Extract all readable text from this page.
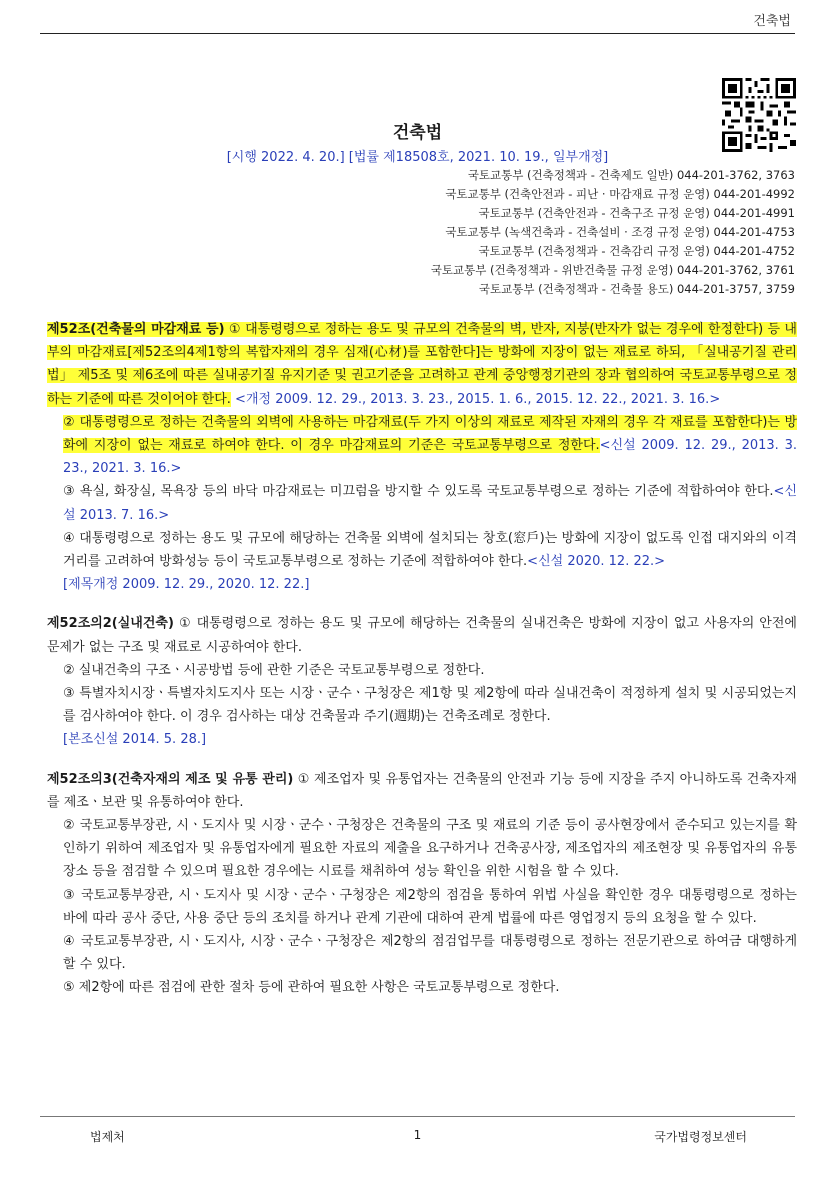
건축법
건축법
[시행 2022. 4. 20.] [법률 제18508호, 2021. 10. 19., 일부개정]
국토교통부 (건축정책과 - 건축제도 일반) 044-201-3762, 3763
국토교통부 (건축안전과 - 피난 · 마감재료 규정 운영) 044-201-4992
국토교통부 (건축안전과 - 건축구조 규정 운영) 044-201-4991
국토교통부 (녹색건축과 - 건축설비 · 조경 규정 운영) 044-201-4753
국토교통부 (건축정책과 - 건축감리 규정 운영) 044-201-4752
국토교통부 (건축정책과 - 위반건축물 규정 운영) 044-201-3762, 3761
국토교통부 (건축정책과 - 건축물 용도) 044-201-3757, 3759

제52조(건축물의 마감재료 등) ① 대통령령으로 정하는 용도 및 규모의 건축물의 벽, 반자, 지붕(반자가 없는 경우에 한정한다) 등 내부의 마감재료[제52조의4제1항의 복합자재의 경우 심재(心材)를 포함한다]는 방화에 지장이 없는 재료로 하되, 「실내공기질 관리법」 제5조 및 제6조에 따른 실내공기질 유지기준 및 권고기준을 고려하고 관계 중앙행정기관의 장과 협의하여 국토교통부령으로 정하는 기준에 따른 것이어야 한다. <개정 2009. 12. 29., 2013. 3. 23., 2015. 1. 6., 2015. 12. 22., 2021. 3. 16.>

② 대통령령으로 정하는 건축물의 외벽에 사용하는 마감재료(두 가지 이상의 재료로 제작된 자재의 경우 각 재료를 포함한다)는 방화에 지장이 없는 재료로 하여야 한다. 이 경우 마감재료의 기준은 국토교통부령으로 정한다.<신설 2009. 12. 29., 2013. 3. 23., 2021. 3. 16.>

③ 욕실, 화장실, 목욕장 등의 바닥 마감재료는 미끄럼을 방지할 수 있도록 국토교통부령으로 정하는 기준에 적합하여야 한다.<신설 2013. 7. 16.>

④ 대통령령으로 정하는 용도 및 규모에 해당하는 건축물 외벽에 설치되는 창호(窓戶)는 방화에 지장이 없도록 인접 대지와의 이격거리를 고려하여 방화성능 등이 국토교통부령으로 정하는 기준에 적합하여야 한다.<신설 2020. 12. 22.>

[제목개정 2009. 12. 29., 2020. 12. 22.]

제52조의2(실내건축) ① 대통령령으로 정하는 용도 및 규모에 해당하는 건축물의 실내건축은 방화에 지장이 없고 사용자의 안전에 문제가 없는 구조 및 재료로 시공하여야 한다.

② 실내건축의 구조ㆍ시공방법 등에 관한 기준은 국토교통부령으로 정한다.

③ 특별자치시장ㆍ특별자치도지사 또는 시장ㆍ군수ㆍ구청장은 제1항 및 제2항에 따라 실내건축이 적정하게 설치 및 시공되었는지를 검사하여야 한다. 이 경우 검사하는 대상 건축물과 주기(週期)는 건축조례로 정한다.

[본조신설 2014. 5. 28.]

제52조의3(건축자재의 제조 및 유통 관리) ① 제조업자 및 유통업자는 건축물의 안전과 기능 등에 지장을 주지 아니하도록 건축자재를 제조ㆍ보관 및 유통하여야 한다.

② 국토교통부장관, 시ㆍ도지사 및 시장ㆍ군수ㆍ구청장은 건축물의 구조 및 재료의 기준 등이 공사현장에서 준수되고 있는지를 확인하기 위하여 제조업자 및 유통업자에게 필요한 자료의 제출을 요구하거나 건축공사장, 제조업자의 제조현장 및 유통업자의 유통장소 등을 점검할 수 있으며 필요한 경우에는 시료를 채취하여 성능 확인을 위한 시험을 할 수 있다.

③ 국토교통부장관, 시ㆍ도지사 및 시장ㆍ군수ㆍ구청장은 제2항의 점검을 통하여 위법 사실을 확인한 경우 대통령령으로 정하는 바에 따라 공사 중단, 사용 중단 등의 조치를 하거나 관계 기관에 대하여 관계 법률에 따른 영업정지 등의 요청을 할 수 있다.

④ 국토교통부장관, 시ㆍ도지사, 시장ㆍ군수ㆍ구청장은 제2항의 점검업무를 대통령령으로 정하는 전문기관으로 하여금 대행하게 할 수 있다.

⑤ 제2항에 따른 점검에 관한 절차 등에 관하여 필요한 사항은 국토교통부령으로 정한다.

법제처	1	국가법령정보센터
